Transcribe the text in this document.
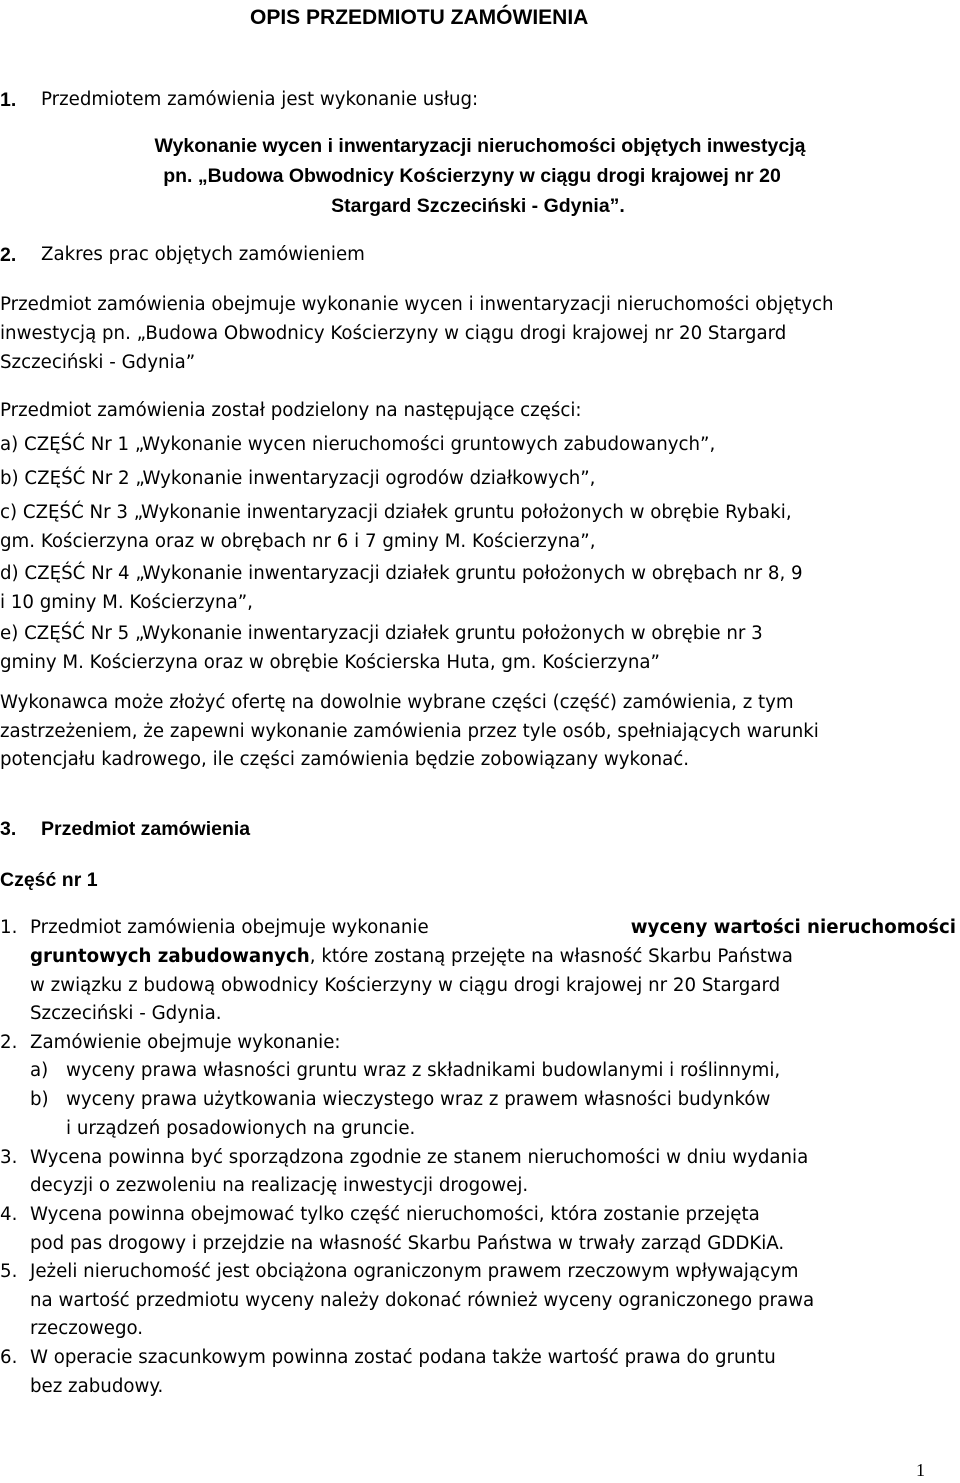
OPIS PRZEDMIOTU ZAMÓWIENIA
1. Przedmiotem zamówienia jest wykonanie usług:
Wykonanie wycen i inwentaryzacji nieruchomości objętych inwestycją
pn. „Budowa Obwodnicy Kościerzyny w ciągu drogi krajowej nr 20
Stargard Szczeciński - Gdynia”.
2. Zakres prac objętych zamówieniem
Przedmiot zamówienia obejmuje wykonanie wycen i inwentaryzacji nieruchomości objętych
inwestycją pn. „Budowa Obwodnicy Kościerzyny w ciągu drogi krajowej nr 20 Stargard
Szczeciński - Gdynia”
Przedmiot zamówienia został podzielony na następujące części:
a) CZĘŚĆ Nr 1 „Wykonanie wycen nieruchomości gruntowych zabudowanych”,
b) CZĘŚĆ Nr 2 „Wykonanie inwentaryzacji ogrodów działkowych”,
c) CZĘŚĆ Nr 3 „Wykonanie inwentaryzacji działek gruntu położonych w obrębie Rybaki,
gm. Kościerzyna oraz w obrębach nr 6 i 7 gminy M. Kościerzyna”,
d) CZĘŚĆ Nr 4 „Wykonanie inwentaryzacji działek gruntu położonych w obrębach nr 8, 9
i 10 gminy M. Kościerzyna”,
e) CZĘŚĆ Nr 5 „Wykonanie inwentaryzacji działek gruntu położonych w obrębie nr 3
gminy M. Kościerzyna oraz w obrębie Kościerska Huta, gm. Kościerzyna”
Wykonawca może złożyć ofertę na dowolnie wybrane części (część) zamówienia, z tym
zastrzeżeniem, że zapewni wykonanie zamówienia przez tyle osób, spełniających warunki
potencjału kadrowego, ile części zamówienia będzie zobowiązany wykonać.
3. Przedmiot zamówienia
Część nr 1
1. Przedmiot zamówienia obejmuje wykonanie	wyceny wartości nieruchomości
gruntowych zabudowanych, które zostaną przejęte na własność Skarbu Państwa
w związku z budową obwodnicy Kościerzyny w ciągu drogi krajowej nr 20 Stargard
Szczeciński - Gdynia.
2. Zamówienie obejmuje wykonanie:
a) wyceny prawa własności gruntu wraz z składnikami budowlanymi i roślinnymi,
b) wyceny prawa użytkowania wieczystego wraz z prawem własności budynków
i urządzeń posadowionych na gruncie.
3. Wycena powinna być sporządzona zgodnie ze stanem nieruchomości w dniu wydania
decyzji o zezwoleniu na realizację inwestycji drogowej.
4. Wycena powinna obejmować tylko część nieruchomości, która zostanie przejęta
pod pas drogowy i przejdzie na własność Skarbu Państwa w trwały zarząd GDDKiA.
5. Jeżeli nieruchomość jest obciążona ograniczonym prawem rzeczowym wpływającym
na wartość przedmiotu wyceny należy dokonać również wyceny ograniczonego prawa
rzeczowego.
6. W operacie szacunkowym powinna zostać podana także wartość prawa do gruntu
bez zabudowy.
1
